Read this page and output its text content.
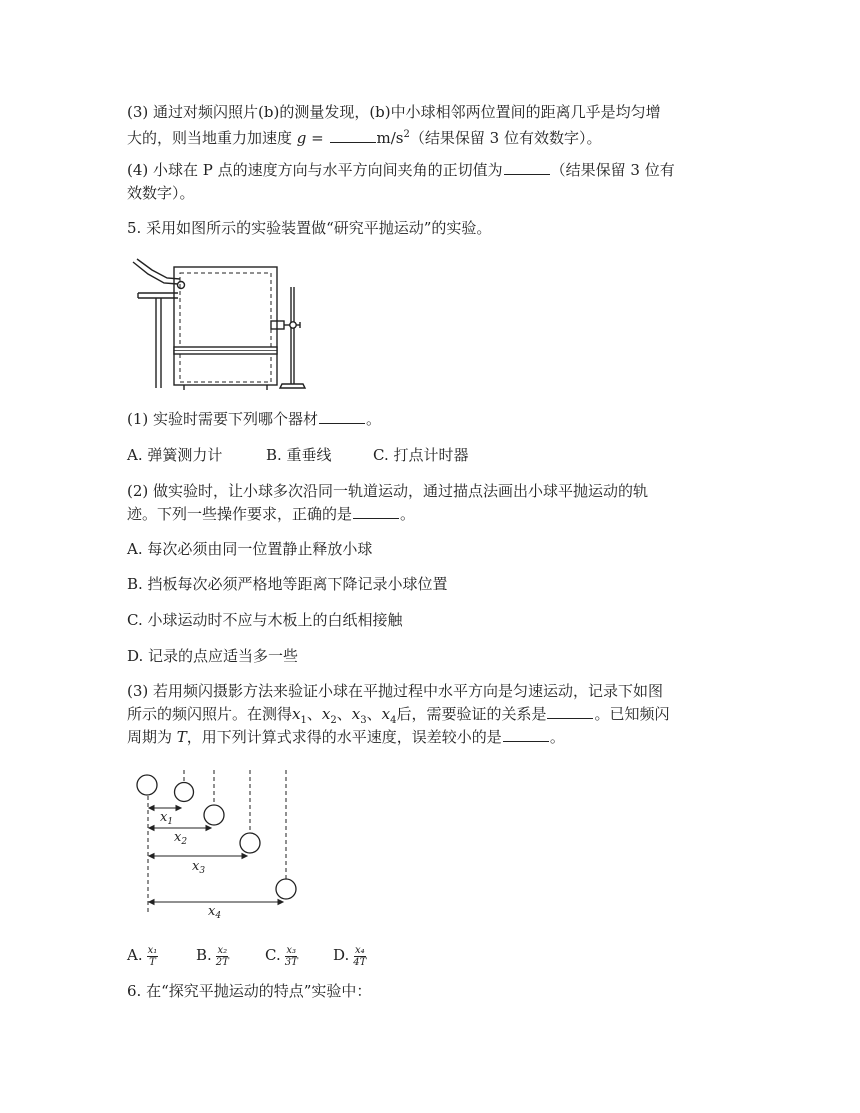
(3) 通过对频闪照片(b)的测量发现，(b)中小球相邻两位置间的距离几乎是均匀增
大的，则当地重力加速度 g =	$m/s^2$（结果保留 3 位有效数字）。
(4) 小球在 P 点的速度方向与水平方向间夹角的正切值为	（结果保留 3 位有
效数字）。
5. 采用如图所示的实验装置做“研究平抛运动”的实验。
(1) 实验时需要下列哪个器材	。
A. 弹簧测力计	B. 重垂线	C. 打点计时器
(2) 做实验时，让小球多次沿同一轨道运动，通过描点法画出小球平抛运动的轨
迹。下列一些操作要求，正确的是	。
A. 每次必须由同一位置静止释放小球
B. 挡板每次必须严格地等距离下降记录小球位置
C. 小球运动时不应与木板上的白纸相接触
D. 记录的点应适当多一些
(3) 若用频闪摄影方法来验证小球在平抛过程中水平方向是匀速运动，记录下如图
所示的频闪照片。在测得$x_1$、$x_2$、$x_3$、$x_4$后，需要验证的关系是	。已知频闪
周期为 T，用下列计算式求得的水平速度，误差较小的是	。
$x_1$
$x_2$
$x_3$
$x_4$
A. $\frac{\text{x₁}}{T}$	B. $\frac{\text{x₂}}{2T} C$. $\frac{\text{x₃}}{3T} D$. $\frac{\text{x₄}}{4T}$
6. 在“探究平抛运动的特点”实验中：
